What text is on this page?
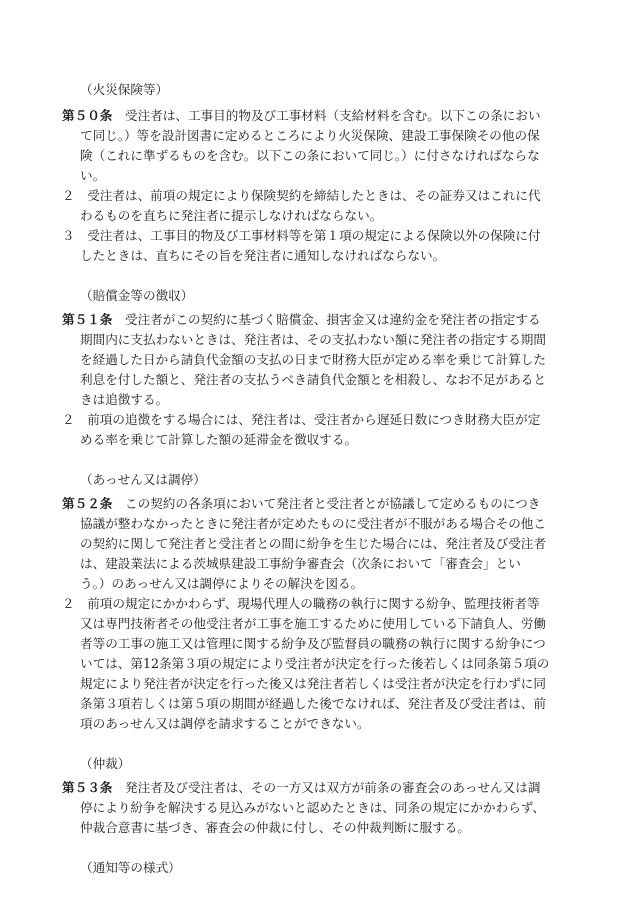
（火災保険等）
第５０条　受注者は、工事目的物及び工事材料（支給材料を含む。以下この条におい
て同じ。）等を設計図書に定めるところにより火災保険、建設工事保険その他の保
険（これに準ずるものを含む。以下この条において同じ。）に付さなければならな
い。
２　受注者は、前項の規定により保険契約を締結したときは、その証券又はこれに代
わるものを直ちに発注者に提示しなければならない。
３　受注者は、工事目的物及び工事材料等を第１項の規定による保険以外の保険に付
したときは、直ちにその旨を発注者に通知しなければならない。
（賠償金等の徴収）
第５１条　受注者がこの契約に基づく賠償金、損害金又は違約金を発注者の指定する
期間内に支払わないときは、発注者は、その支払わない額に発注者の指定する期間
を経過した日から請負代金額の支払の日まで財務大臣が定める率を乗じて計算した
利息を付した額と、発注者の支払うべき請負代金額とを相殺し、なお不足があると
きは追徴する。
２　前項の追徴をする場合には、発注者は、受注者から遅延日数につき財務大臣が定
める率を乗じて計算した額の延滞金を徴収する。
（あっせん又は調停）
第５２条　この契約の各条項において発注者と受注者とが協議して定めるものにつき
協議が整わなかったときに発注者が定めたものに受注者が不服がある場合その他こ
の契約に関して発注者と受注者との間に紛争を生じた場合には、発注者及び受注者
は、建設業法による茨城県建設工事紛争審査会（次条において「審査会」とい
う。）のあっせん又は調停によりその解決を図る。
２　前項の規定にかかわらず、現場代理人の職務の執行に関する紛争、監理技術者等
又は専門技術者その他受注者が工事を施工するために使用している下請負人、労働
者等の工事の施工又は管理に関する紛争及び監督員の職務の執行に関する紛争につ
いては、第12条第３項の規定により受注者が決定を行った後若しくは同条第５項の
規定により発注者が決定を行った後又は発注者若しくは受注者が決定を行わずに同
条第３項若しくは第５項の期間が経過した後でなければ、発注者及び受注者は、前
項のあっせん又は調停を請求することができない。
（仲裁）
第５３条　発注者及び受注者は、その一方又は双方が前条の審査会のあっせん又は調
停により紛争を解決する見込みがないと認めたときは、同条の規定にかかわらず、
仲裁合意書に基づき、審査会の仲裁に付し、その仲裁判断に服する。
（通知等の様式）
